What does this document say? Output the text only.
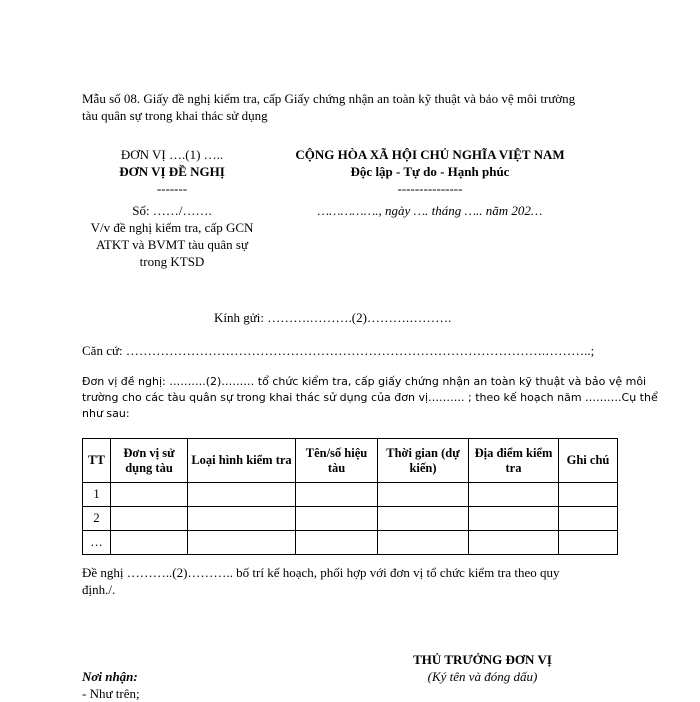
Mẫu số 08. Giấy đề nghị kiểm tra, cấp Giấy chứng nhận an toàn kỹ thuật và bảo vệ môi trường
tàu quân sự trong khai thác sử dụng
ĐƠN VỊ ….(1) …..
ĐƠN VỊ ĐỀ NGHỊ
-------
Số: ……/…….
V/v đề nghị kiểm tra, cấp GCN
ATKT và BVMT tàu quân sự
trong KTSD
CỘNG HÒA XÃ HỘI CHỦ NGHĨA VIỆT NAM
Độc lập - Tự do - Hạnh phúc
---------------
……………., ngày …. tháng ….. năm 202…
Kính gửi: ……….……….(2)……….……….
Căn cứ: …………………………………………………………………………………….………..;
Đơn vị đề nghị: ……….(2)……… tổ chức kiểm tra, cấp giấy chứng nhận an toàn kỹ thuật và bảo vệ môi
trường cho các tàu quân sự trong khai thác sử dụng của đơn vị………. ; theo kế hoạch năm ……….Cụ thể
như sau:
TT	Đơn vị sử dụng tàu	Loại hình kiểm tra	Tên/số hiệu tàu	Thời gian (dự kiến)	Địa điểm kiểm tra	Ghi chú
1						
2						
…						
Đề nghị ………..(2)……….. bố trí kế hoạch, phối hợp với đơn vị tổ chức kiểm tra theo quy
định./.
THỦ TRƯỞNG ĐƠN VỊ
(Ký tên và đóng dấu)
Nơi nhận:
- Như trên;
